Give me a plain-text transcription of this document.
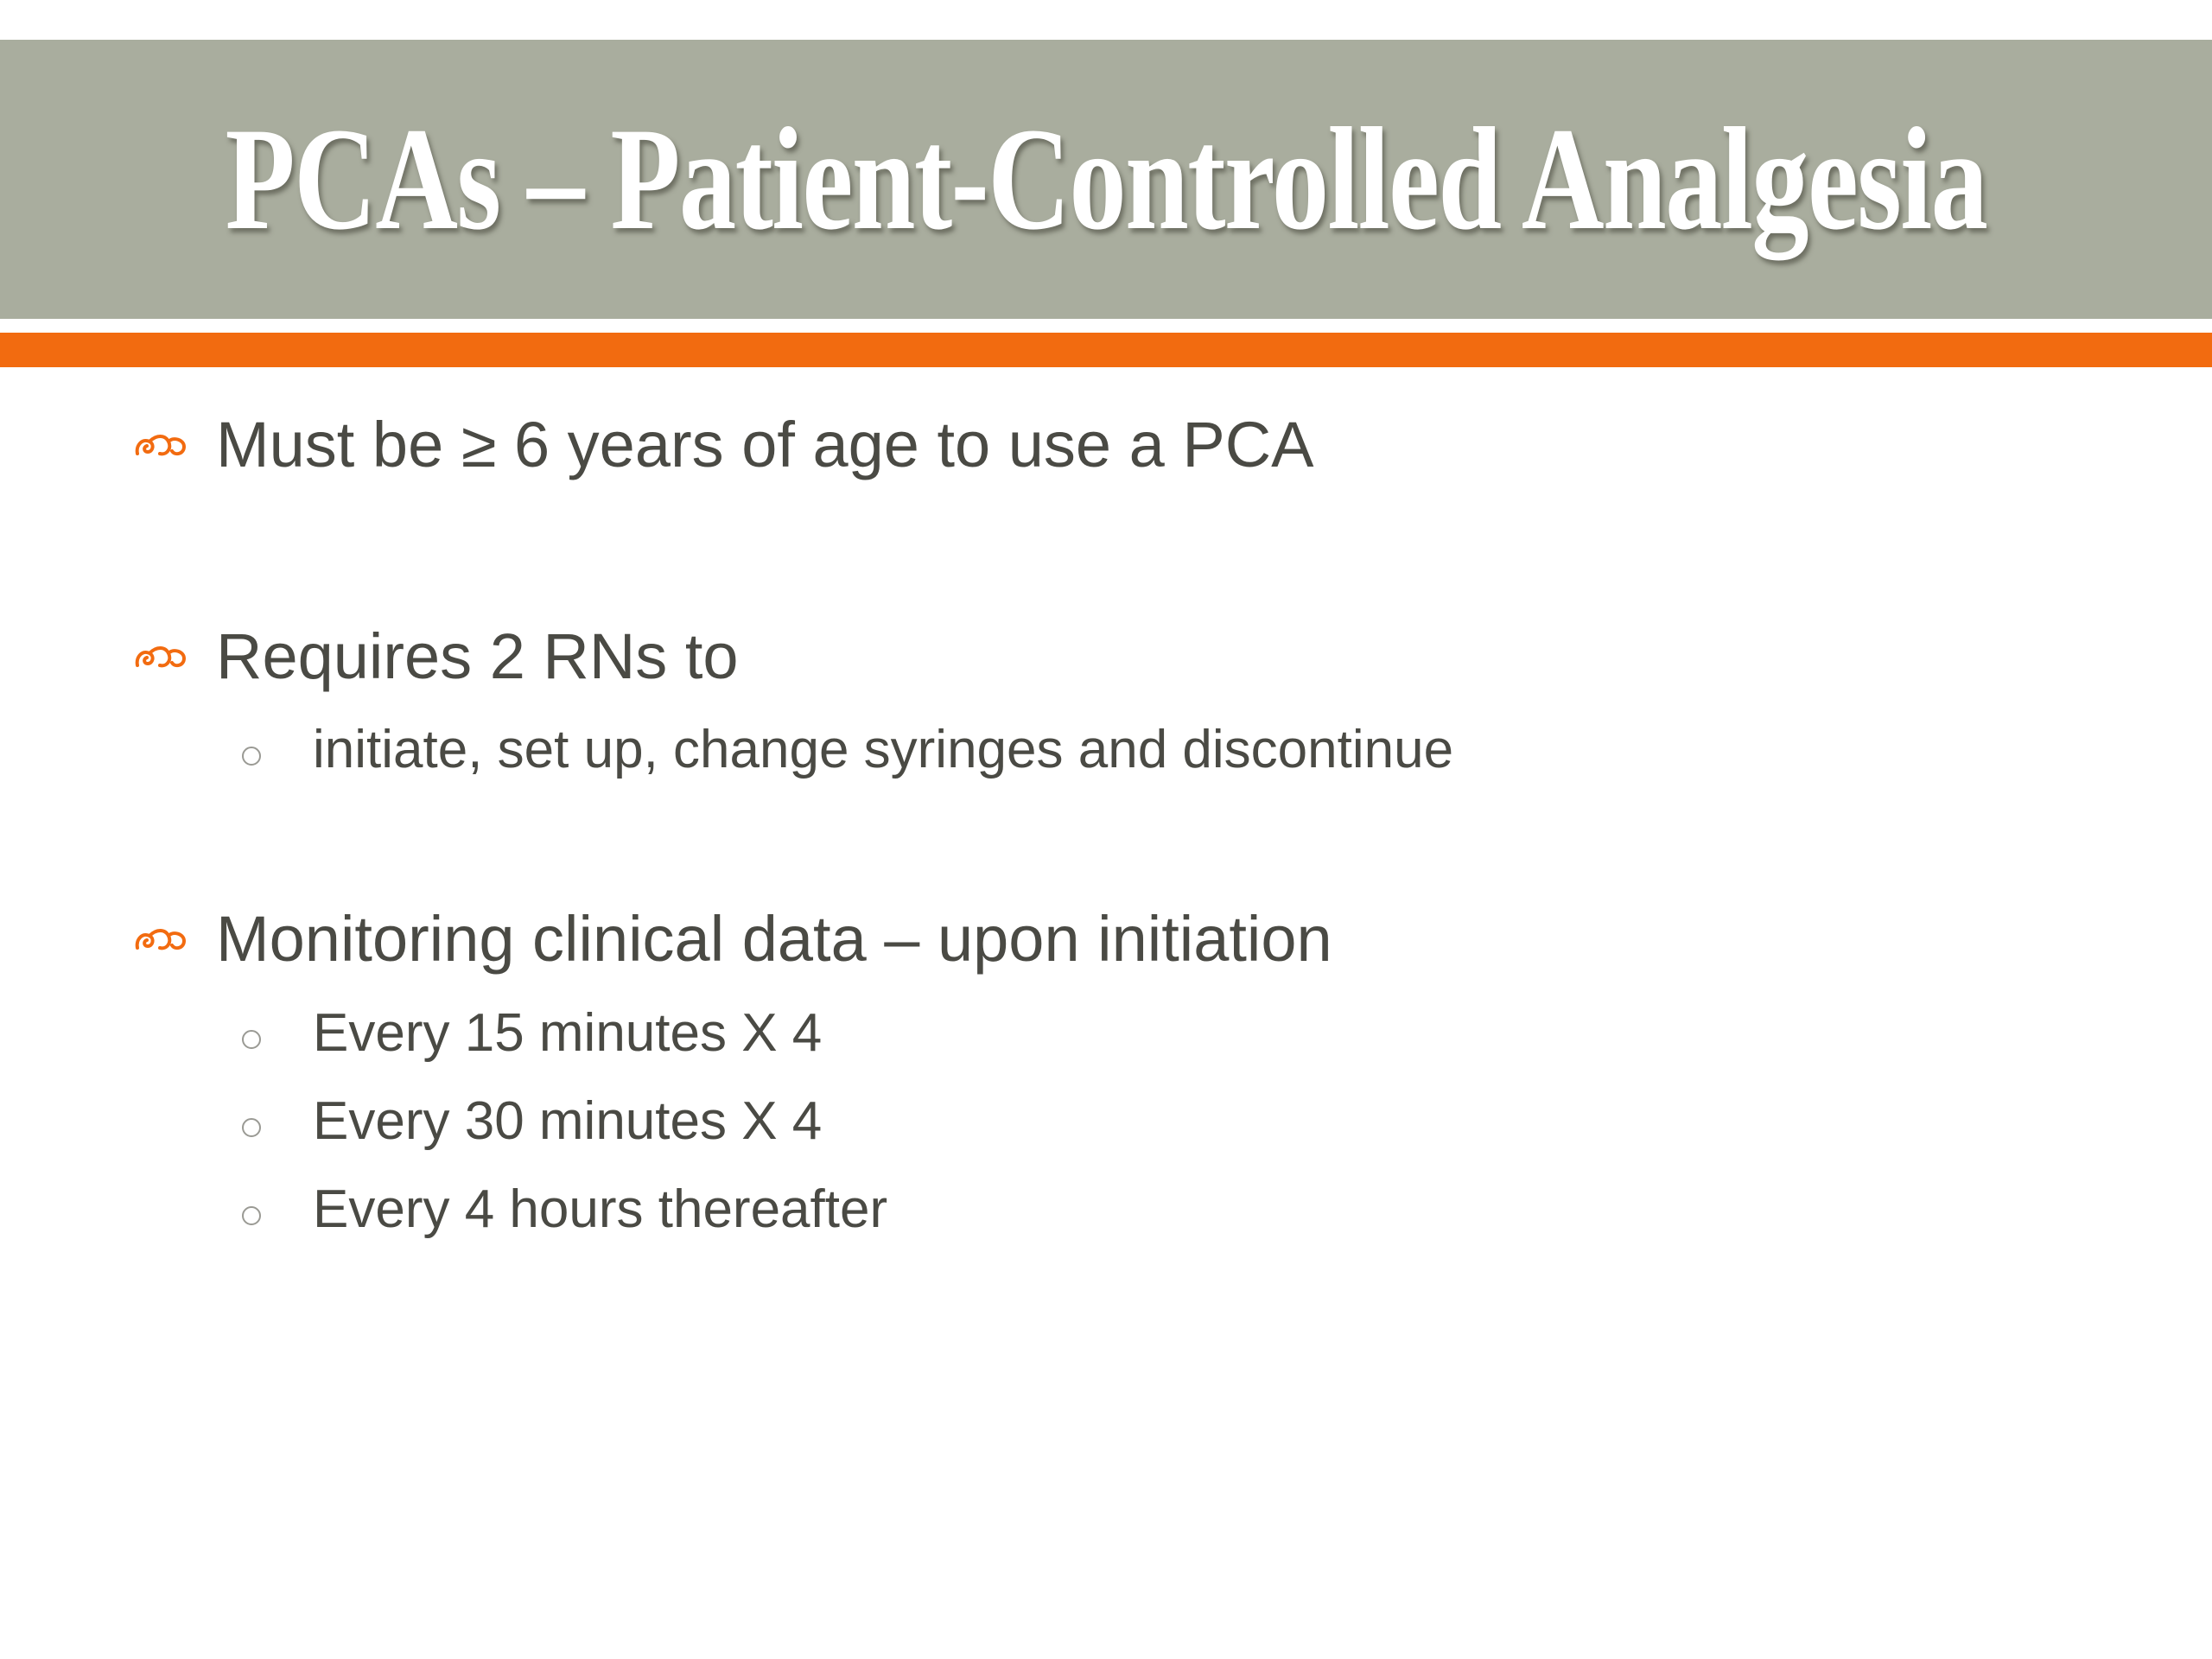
PCAs – Patient-Controlled Analgesia
Must be ≥ 6 years of age to use a PCA
Requires 2 RNs to
initiate, set up, change syringes and discontinue
Monitoring clinical data – upon initiation
Every 15 minutes X 4
Every 30 minutes X 4
Every 4 hours thereafter
